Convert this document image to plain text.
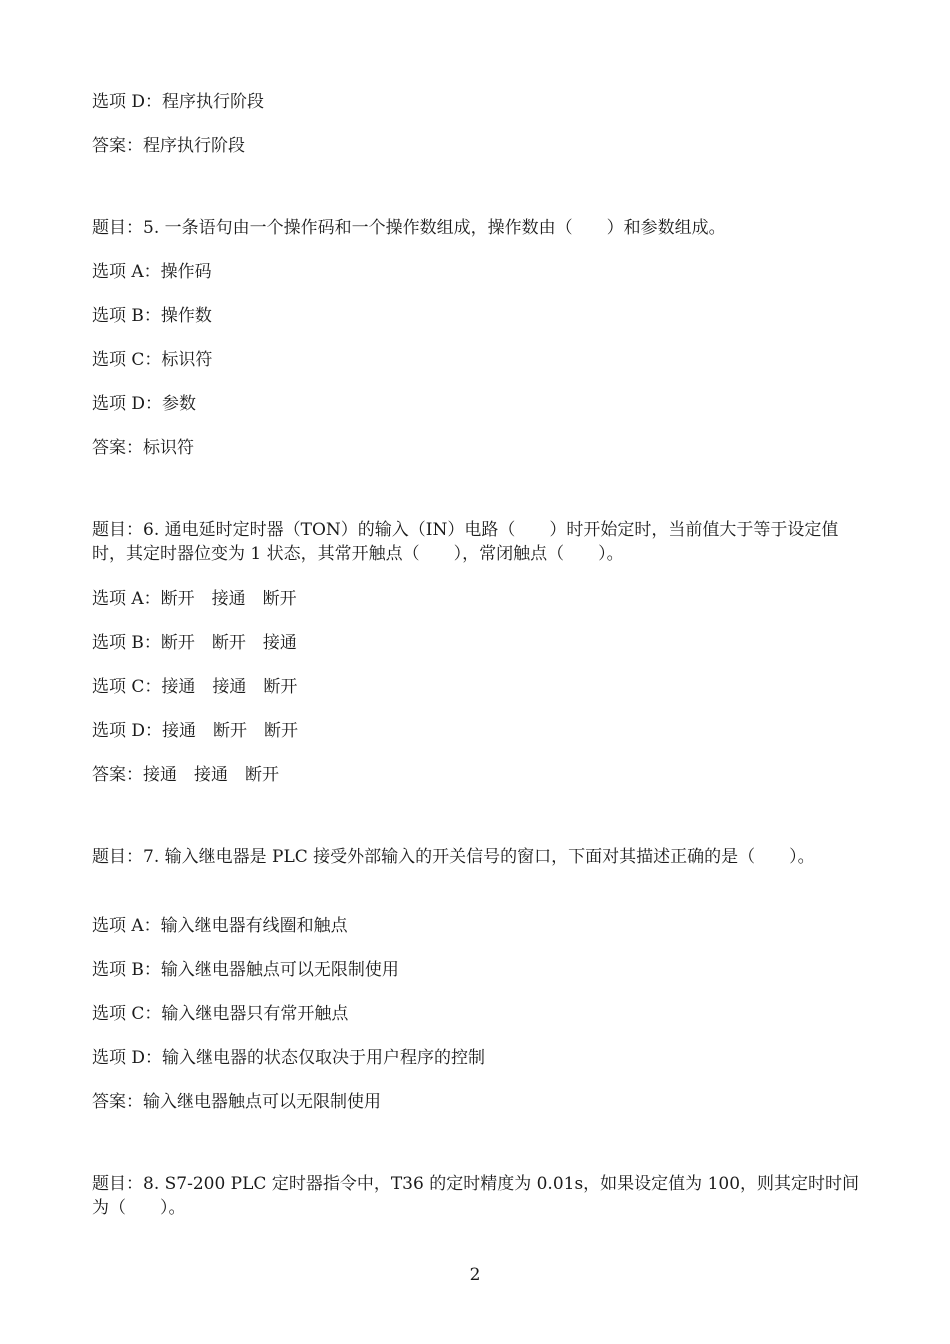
选项 D：程序执行阶段
答案：程序执行阶段
题目：5. 一条语句由一个操作码和一个操作数组成，操作数由（　　）和参数组成。
选项 A：操作码
选项 B：操作数
选项 C：标识符
选项 D：参数
答案：标识符
题目：6. 通电延时定时器（TON）的输入（IN）电路（　　）时开始定时，当前值大于等于设定值时，其定时器位变为 1 状态，其常开触点（　　），常闭触点（　　）。
选项 A：断开　接通　断开
选项 B：断开　断开　接通
选项 C：接通　接通　断开
选项 D：接通　断开　断开
答案：接通　接通　断开
题目：7. 输入继电器是 PLC 接受外部输入的开关信号的窗口，下面对其描述正确的是（　　）。
选项 A：输入继电器有线圈和触点
选项 B：输入继电器触点可以无限制使用
选项 C：输入继电器只有常开触点
选项 D：输入继电器的状态仅取决于用户程序的控制
答案：输入继电器触点可以无限制使用
题目：8. S7-200 PLC 定时器指令中，T36 的定时精度为 0.01s，如果设定值为 100，则其定时时间为（　　）。
2
